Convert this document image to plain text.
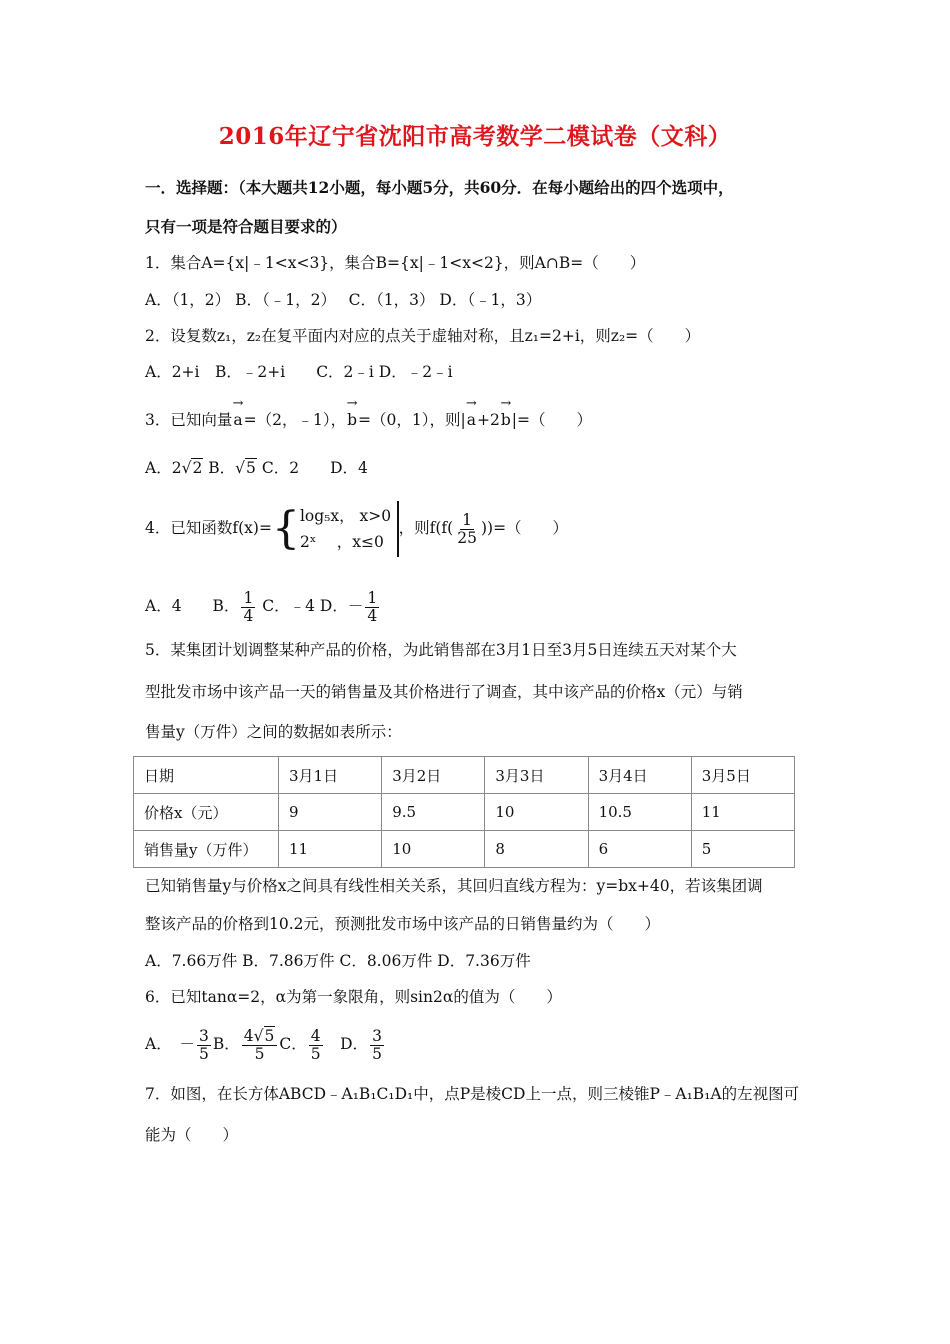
2016年辽宁省沈阳市高考数学二模试卷（文科）
一．选择题：（本大题共12小题，每小题5分，共60分．在每小题给出的四个选项中，
只有一项是符合题目要求的）
1．集合A={x|﹣1<x<3}，集合B={x|﹣1<x<2}，则A∩B=（　　）
A．（1，2） B．（﹣1，2）　 C．（1，3） D．（﹣1，3）
2．设复数z₁，z₂在复平面内对应的点关于虚轴对称，且z₁=2+i，则z₂=（　　）
A．2+i　B．﹣2+i　　C．2﹣i D．﹣2﹣i
3．已知向量→ a=（2，﹣1），→ b=（0，1），则|→ a+2→ b|=（　　）
A．2√2 B．√5 C．2　　D．4
4．已知函数f(x)={ log₅x， x>0
2ˣ　 ，x≤0
，则$f(f( \frac{1}{25}$ ))=（　　）
A．4　　B． $\frac{1}{4}$ C．﹣4 D．－ $\frac{1}{4}$
5．某集团计划调整某种产品的价格，为此销售部在3月1日至3月5日连续五天对某个大
型批发市场中该产品一天的销售量及其价格进行了调查，其中该产品的价格x（元）与销
售量y（万件）之间的数据如表所示：
日期	3月1日	3月2日	3月3日	3月4日	3月5日
价格x（元）	9	9.5	10	10.5	11
销售量y（万件）	11	10	8	6	5
已知销售量y与价格x之间具有线性相关关系，其回归直线方程为：y=bx+40，若该集团调
整该产品的价格到10.2元，预测批发市场中该产品的日销售量约为（　　）
A．7.66万件 B．7.86万件 C．8.06万件 D．7.36万件
6．已知tanα=2，α为第一象限角，则sin2α的值为（　　）
A．　－ $\frac{3}{5}$ B． $\frac{4√5}{5}$ C． $\frac{4}{5}$ 　D． $\frac{3}{5}$
7．如图，在长方体ABCD﹣A₁B₁C₁D₁中，点P是棱CD上一点，则三棱锥P﹣A₁B₁A的左视图可
能为（　　）
